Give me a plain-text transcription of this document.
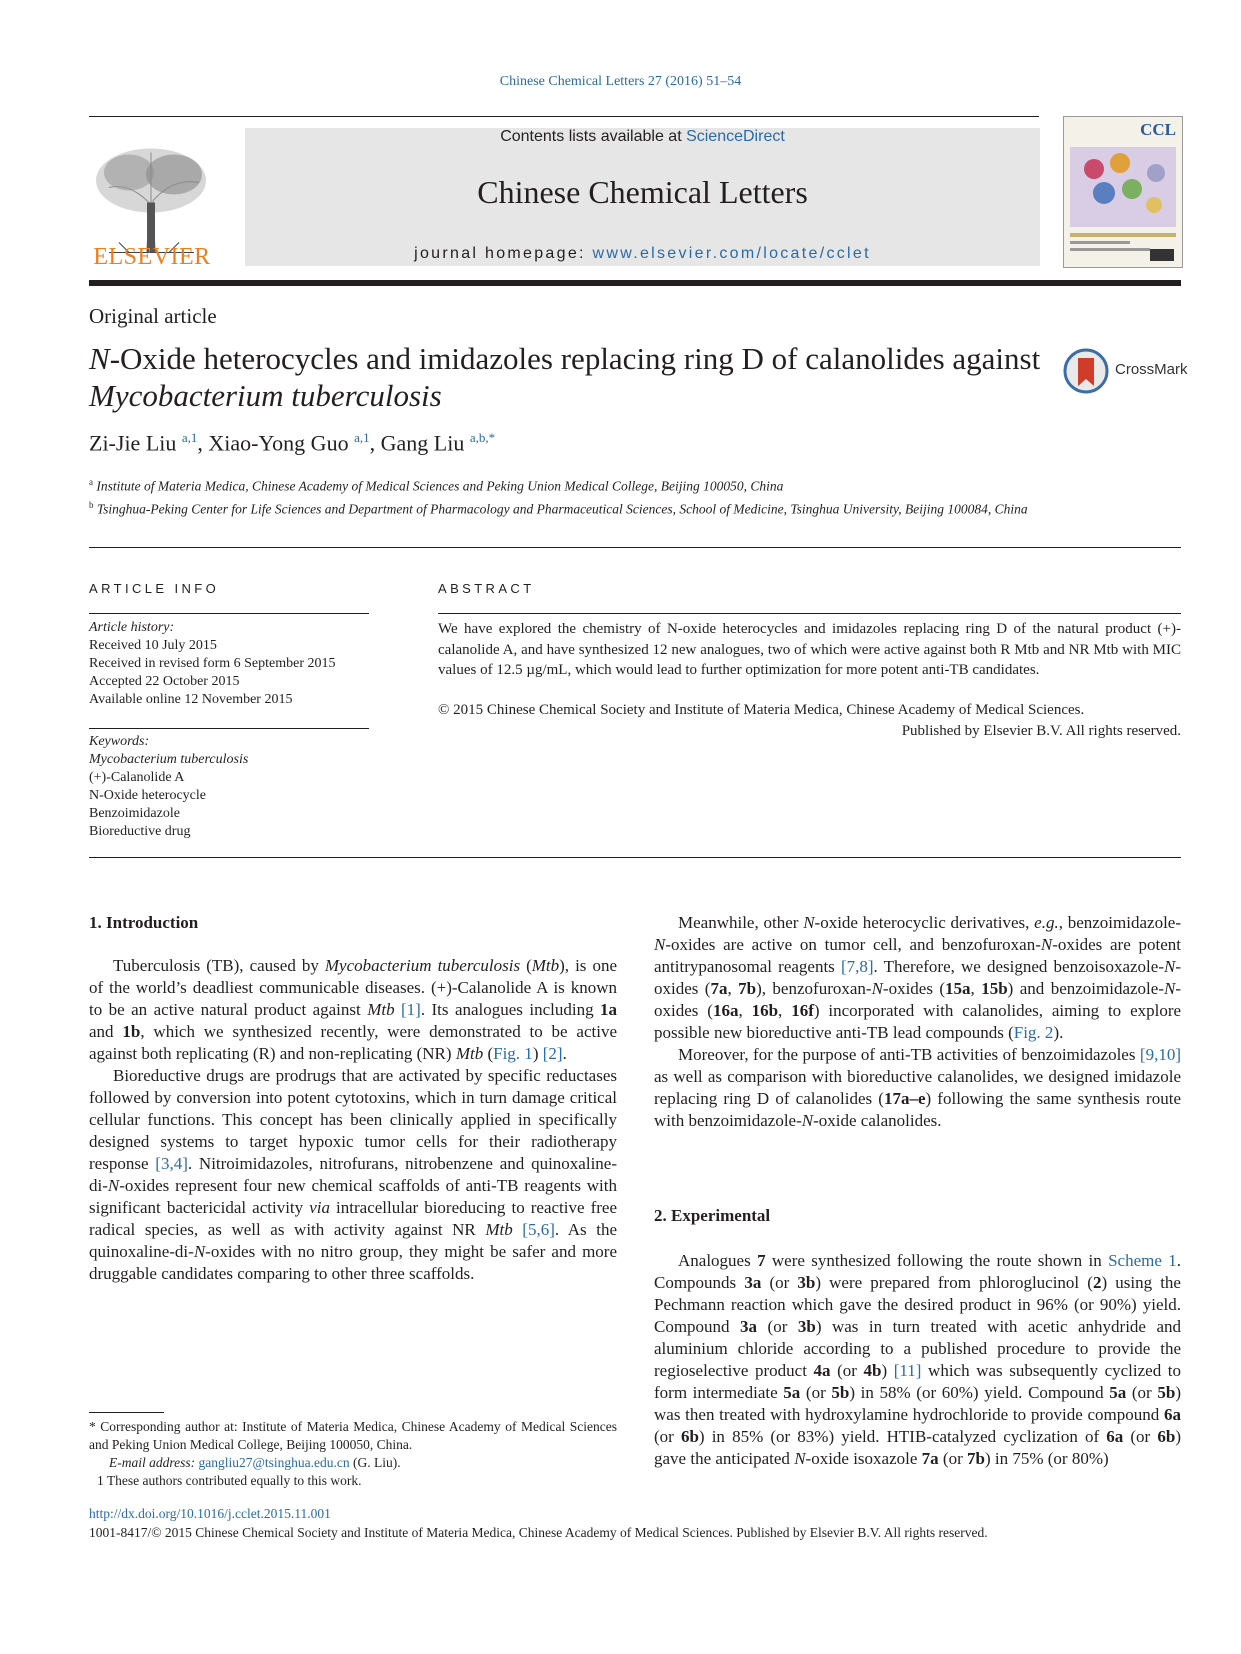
Chinese Chemical Letters 27 (2016) 51–54
ELSEVIER
Contents lists available at ScienceDirect
Chinese Chemical Letters
journal homepage: www.elsevier.com/locate/cclet
CCL
Original article
N-Oxide heterocycles and imidazoles replacing ring D of calanolides against Mycobacterium tuberculosis
CrossMark
Zi-Jie Liu $^{a,1}$, Xiao-Yong Guo $^{a,1}$, Gang Liu $^{a,b,*}$
$^a$ Institute of Materia Medica, Chinese Academy of Medical Sciences and Peking Union Medical College, Beijing 100050, China
$^b$ Tsinghua-Peking Center for Life Sciences and Department of Pharmacology and Pharmaceutical Sciences, School of Medicine, Tsinghua University, Beijing 100084, China
ARTICLE INFO
Article history:
Received 10 July 2015
Received in revised form 6 September 2015
Accepted 22 October 2015
Available online 12 November 2015
Keywords:
Mycobacterium tuberculosis
(+)-Calanolide A
N-Oxide heterocycle
Benzoimidazole
Bioreductive drug
ABSTRACT
We have explored the chemistry of N-oxide heterocycles and imidazoles replacing ring D of the natural product (+)-calanolide A, and have synthesized 12 new analogues, two of which were active against both R Mtb and NR Mtb with MIC values of 12.5 µg/mL, which would lead to further optimization for more potent anti-TB candidates.
© 2015 Chinese Chemical Society and Institute of Materia Medica, Chinese Academy of Medical Sciences.
Published by Elsevier B.V. All rights reserved.
1. Introduction

Tuberculosis (TB), caused by Mycobacterium tuberculosis (Mtb), is one of the world’s deadliest communicable diseases. (+)-Calanolide A is known to be an active natural product against Mtb [1]. Its analogues including 1a and 1b, which we synthesized recently, were demonstrated to be active against both replicating (R) and non-replicating (NR) Mtb (Fig. 1) [2].

Bioreductive drugs are prodrugs that are activated by specific reductases followed by conversion into potent cytotoxins, which in turn damage critical cellular functions. This concept has been clinically applied in specifically designed systems to target hypoxic tumor cells for their radiotherapy response [3,4]. Nitroimidazoles, nitrofurans, nitrobenzene and quinoxaline-di-N-oxides represent four new chemical scaffolds of anti-TB reagents with significant bactericidal activity via intracellular bioreducing to reactive free radical species, as well as with activity against NR Mtb [5,6]. As the quinoxaline-di-N-oxides with no nitro group, they might be safer and more druggable candidates comparing to other three scaffolds.

Meanwhile, other N-oxide heterocyclic derivatives, e.g., benzoimidazole-N-oxides are active on tumor cell, and benzofuroxan-N-oxides are potent antitrypanosomal reagents [7,8]. Therefore, we designed benzoisoxazole-N-oxides (7a, 7b), benzofuroxan-N-oxides (15a, 15b) and benzoimidazole-N-oxides (16a, 16b, 16f) incorporated with calanolides, aiming to explore possible new bioreductive anti-TB lead compounds (Fig. 2).

Moreover, for the purpose of anti-TB activities of benzoimidazoles [9,10] as well as comparison with bioreductive calanolides, we designed imidazole replacing ring D of calanolides (17a–e) following the same synthesis route with benzoimidazole-N-oxide calanolides.

2. Experimental

Analogues 7 were synthesized following the route shown in Scheme 1. Compounds 3a (or 3b) were prepared from phloroglucinol (2) using the Pechmann reaction which gave the desired product in 96% (or 90%) yield. Compound 3a (or 3b) was in turn treated with acetic anhydride and aluminium chloride according to a published procedure to provide the regioselective product 4a (or 4b) [11] which was subsequently cyclized to form intermediate 5a (or 5b) in 58% (or 60%) yield. Compound 5a (or 5b) was then treated with hydroxylamine hydrochloride to provide compound 6a (or 6b) in 85% (or 83%) yield. HTIB-catalyzed cyclization of 6a (or 6b) gave the anticipated N-oxide isoxazole 7a (or 7b) in 75% (or 80%)

* Corresponding author at: Institute of Materia Medica, Chinese Academy of Medical Sciences and Peking Union Medical College, Beijing 100050, China.

E-mail address: gangliu27@tsinghua.edu.cn (G. Liu).

1 These authors contributed equally to this work.

http://dx.doi.org/10.1016/j.cclet.2015.11.001
1001-8417/© 2015 Chinese Chemical Society and Institute of Materia Medica, Chinese Academy of Medical Sciences. Published by Elsevier B.V. All rights reserved.
